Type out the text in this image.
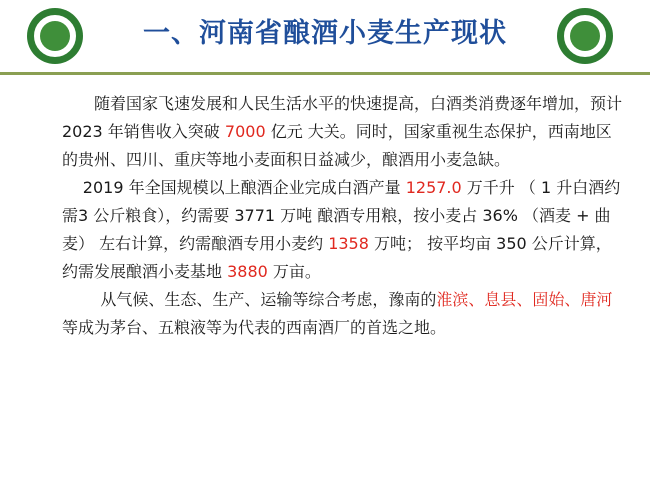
一、河南省酿酒小麦生产现状

随着国家飞速发展和人民生活水平的快速提高，白酒类消费逐年增加，预计 2023 年销售收入突破 7000 亿元 大关。同时，国家重视生态保护，西南地区的贵州、四川、重庆等地小麦面积日益减少，酿酒用小麦急缺。

2019 年全国规模以上酿酒企业完成白酒产量 1257.0 万千升 （ 1 升白酒约需3 公斤粮食），约需要 3771 万吨 酿酒专用粮，按小麦占 36% （酒麦 + 曲麦） 左右计算，约需酿酒专用小麦约 1358 万吨； 按平均亩 350 公斤计算， 约需发展酿酒小麦基地 3880 万亩。

从气候、生态、生产、运输等综合考虑，豫南的淮滨、息县、固始、唐河等成为茅台、五粮液等为代表的西南酒厂的首选之地。
